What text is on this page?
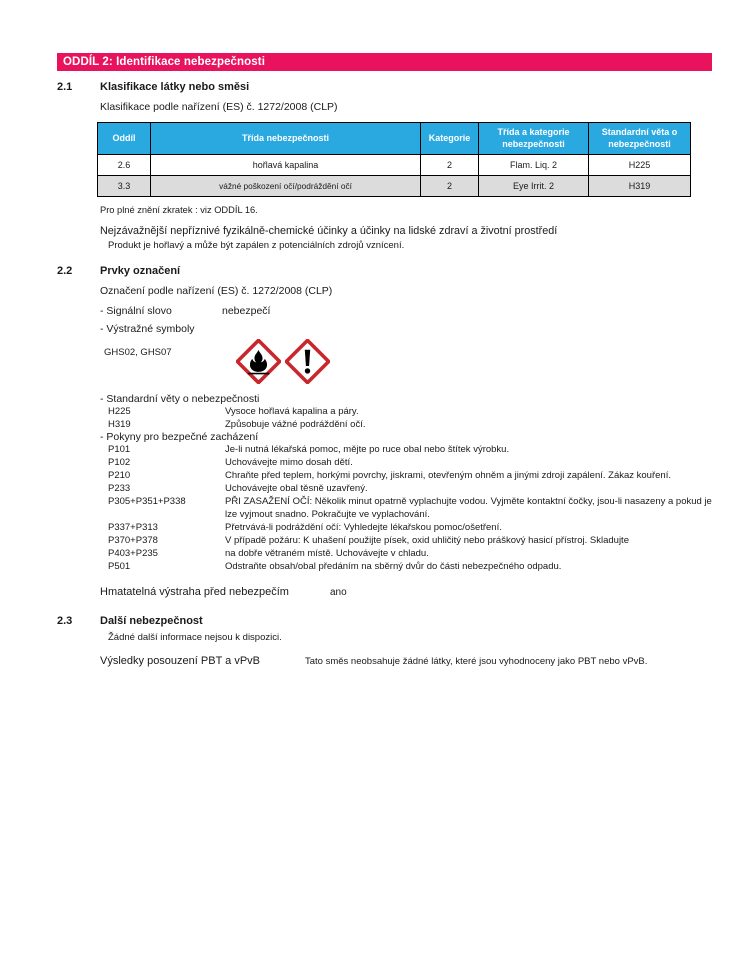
ODDÍL 2: Identifikace nebezpečnosti
2.1	Klasifikace látky nebo směsi
Klasifikace podle nařízení (ES) č. 1272/2008 (CLP)
Oddíl	Třída nebezpečnosti	Kategorie	Třída a kategorie nebezpečnosti	Standardní věta o nebezpečnosti
2.6	hořlavá kapalina	2	Flam. Liq. 2	H225
3.3	vážné poškození očí/podráždění očí	2	Eye Irrit. 2	H319
Pro plné znění zkratek : viz ODDÍL 16.
Nejzávažnější nepříznivé fyzikálně-chemické účinky a účinky na lidské zdraví a životní prostředí
Produkt je hořlavý a může být zapálen z potenciálních zdrojů vznícení.
2.2	Prvky označení
Označení podle nařízení (ES) č. 1272/2008 (CLP)
- Signální slovo	nebezpečí
- Výstražné symboly
GHS02, GHS07
- Standardní věty o nebezpečnosti
H225	Vysoce hořlavá kapalina a páry.
H319	Způsobuje vážné podráždění očí.
- Pokyny pro bezpečné zacházení
P101	Je-li nutná lékařská pomoc, mějte po ruce obal nebo štítek výrobku.
P102	Uchovávejte mimo dosah dětí.
P210	Chraňte před teplem, horkými povrchy, jiskrami, otevřeným ohněm a jinými zdroji zapálení. Zákaz kouření.
P233	Uchovávejte obal těsně uzavřený.
P305+P351+P338	PŘI ZASAŽENÍ OČÍ: Několik minut opatrně vyplachujte vodou. Vyjměte kontaktní čočky, jsou-li nasazeny a pokud je lze vyjmout snadno. Pokračujte ve vyplachování.
P337+P313	Přetrvává-li podráždění očí: Vyhledejte lékařskou pomoc/ošetření.
P370+P378	V případě požáru: K uhašení použijte písek, oxid uhličitý nebo práškový hasicí přístroj. Skladujte
P403+P235	na dobře větraném místě. Uchovávejte v chladu.
P501	Odstraňte obsah/obal předáním na sběrný dvůr do části nebezpečného odpadu.
Hmatatelná výstraha před nebezpečím	ano
2.3	Další nebezpečnost
Žádné další informace nejsou k dispozici.
Výsledky posouzení PBT a vPvB	Tato směs neobsahuje žádné látky, které jsou vyhodnoceny jako PBT nebo vPvB.
